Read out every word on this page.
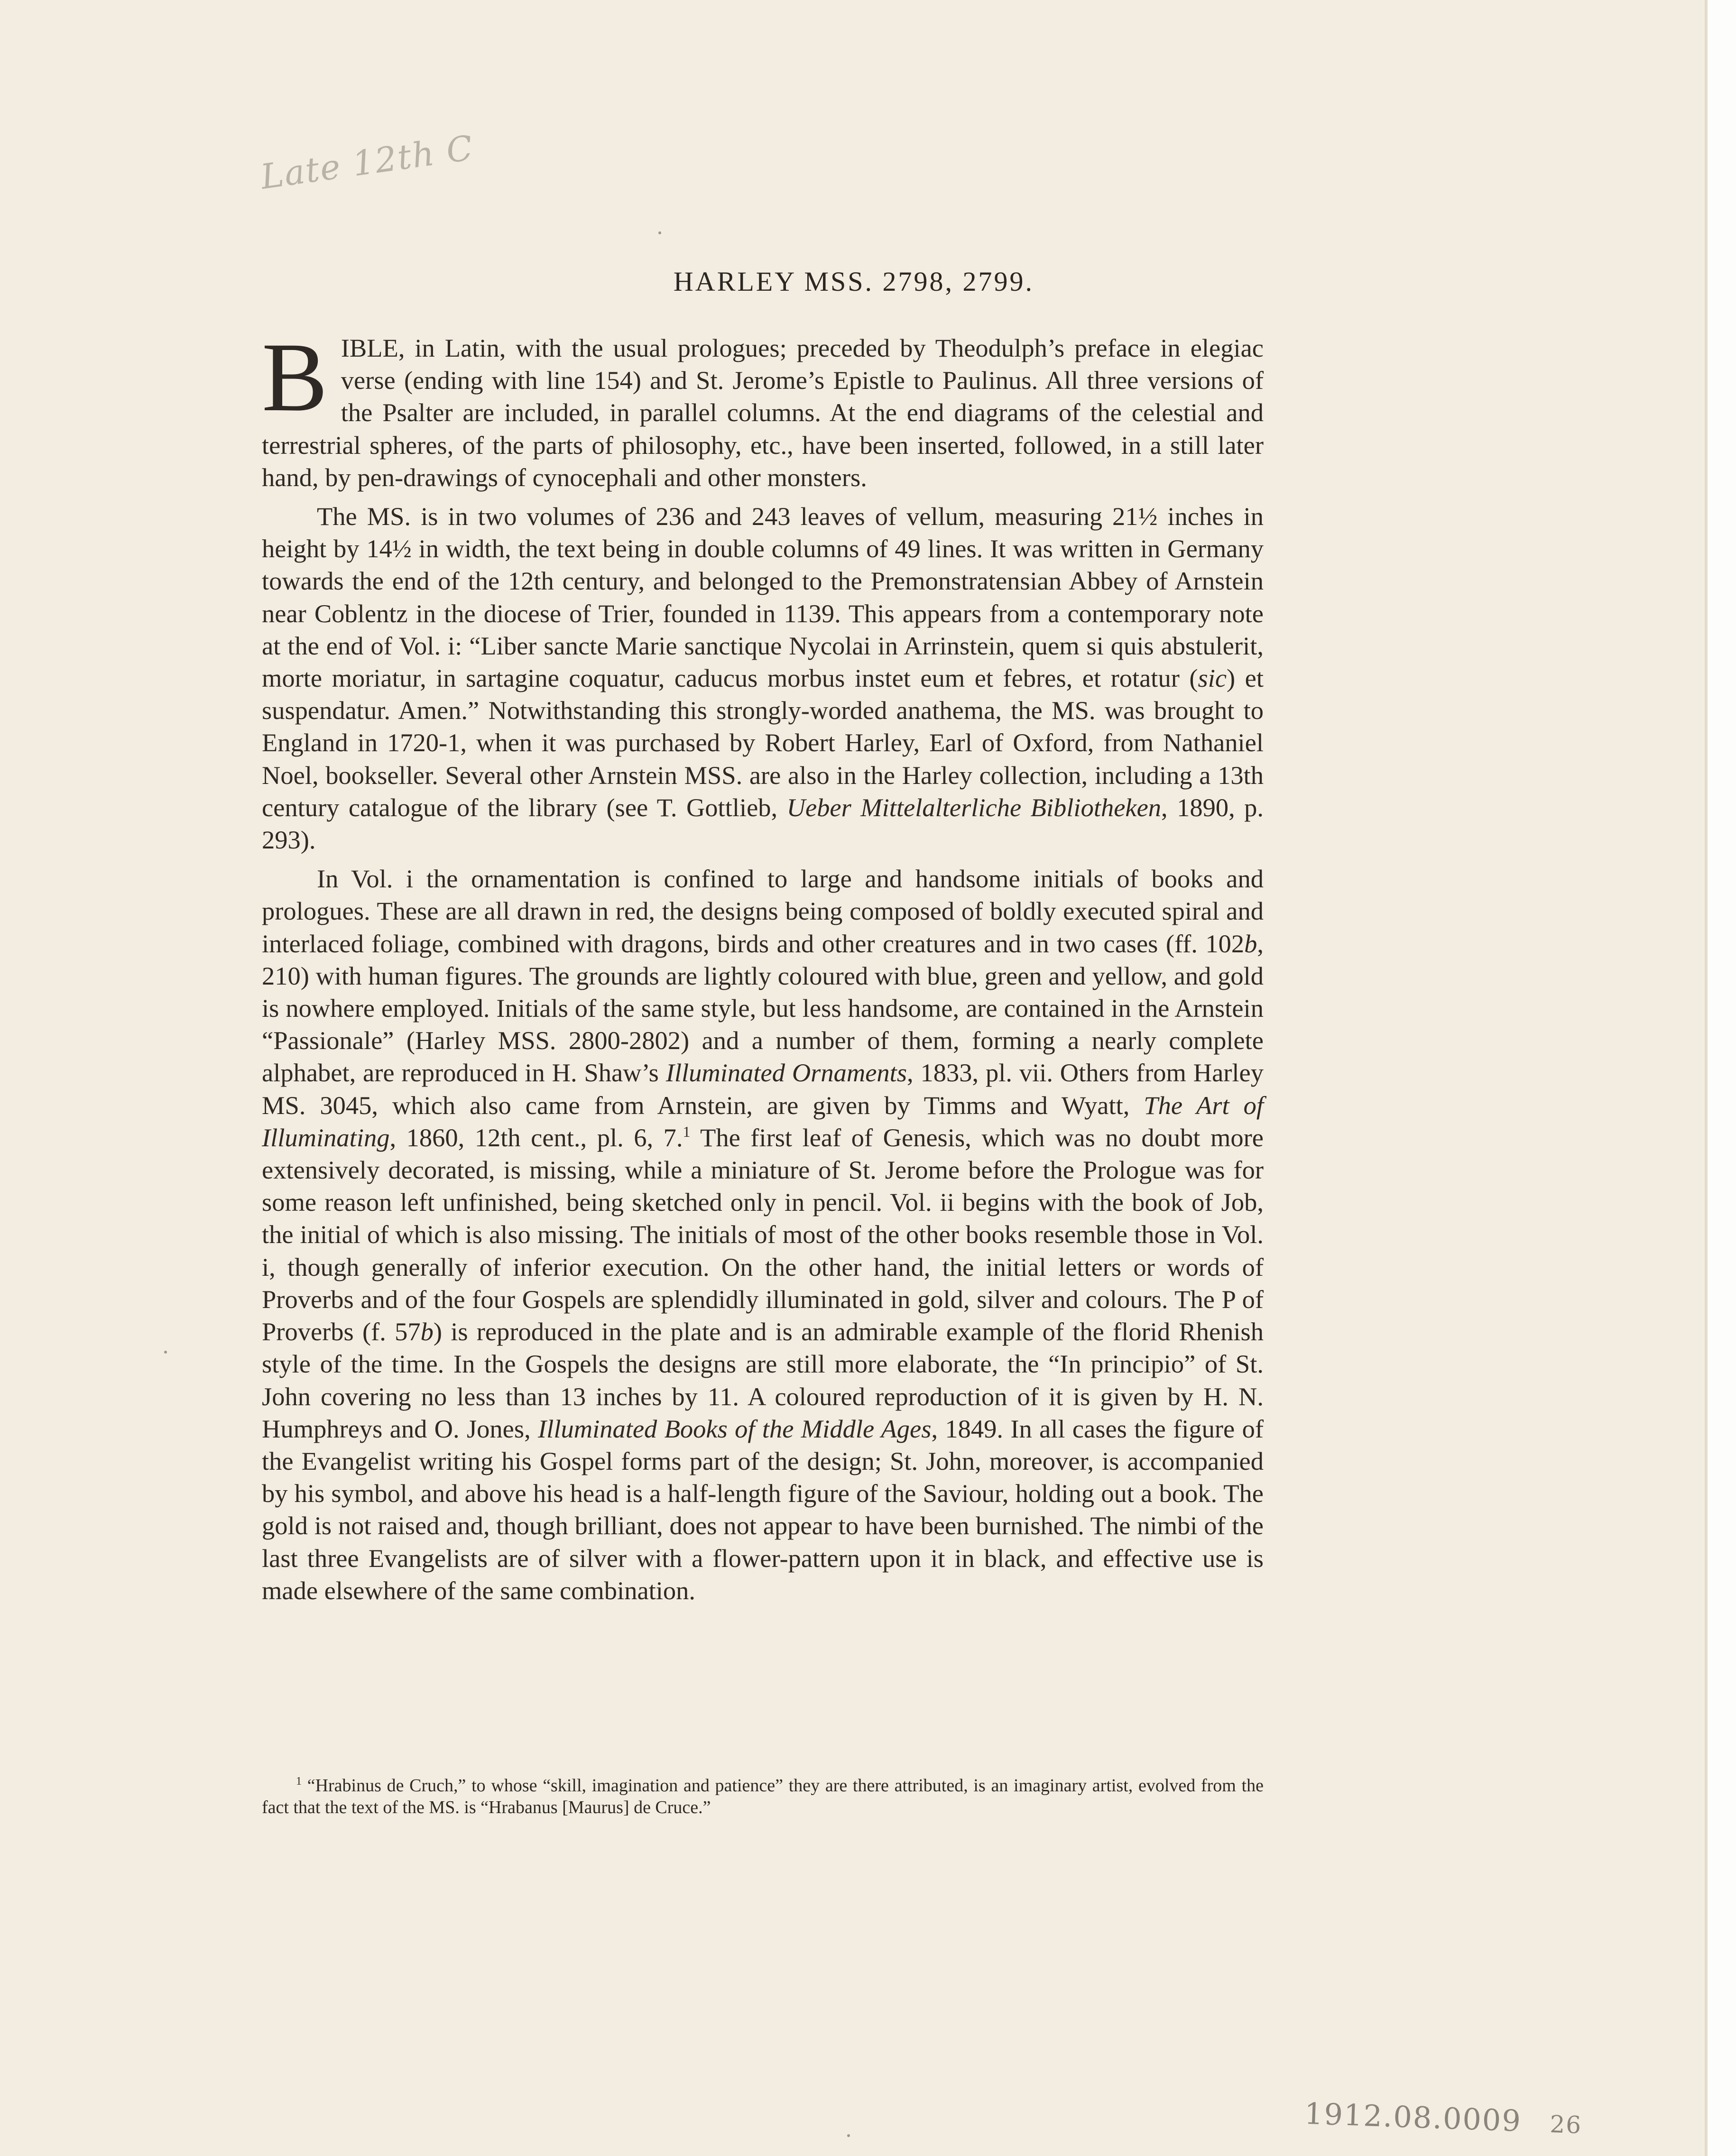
Late 12th C
HARLEY MSS. 2798, 2799.

BIBLE, in Latin, with the usual prologues; preceded by Theodulph’s preface in elegiac verse (ending with line 154) and St. Jerome’s Epistle to Paulinus. All three versions of the Psalter are included, in parallel columns. At the end diagrams of the celestial and terrestrial spheres, of the parts of philosophy, etc., have been inserted, followed, in a still later hand, by pen-drawings of cynocephali and other monsters.

The MS. is in two volumes of 236 and 243 leaves of vellum, measuring 21½ inches in height by 14½ in width, the text being in double columns of 49 lines. It was written in Germany towards the end of the 12th century, and belonged to the Premonstratensian Abbey of Arnstein near Coblentz in the diocese of Trier, founded in 1139. This appears from a contemporary note at the end of Vol. i: “Liber sancte Marie sanctique Nycolai in Arrinstein, quem si quis abstulerit, morte moriatur, in sartagine coquatur, caducus morbus instet eum et febres, et rotatur (sic) et suspendatur. Amen.” Notwithstanding this strongly-worded anathema, the MS. was brought to England in 1720-1, when it was purchased by Robert Harley, Earl of Oxford, from Nathaniel Noel, bookseller. Several other Arnstein MSS. are also in the Harley collection, including a 13th century catalogue of the library (see T. Gottlieb, Ueber Mittelalterliche Bibliotheken, 1890, p. 293).

In Vol. i the ornamentation is confined to large and handsome initials of books and prologues. These are all drawn in red, the designs being composed of boldly executed spiral and interlaced foliage, combined with dragons, birds and other creatures and in two cases (ff. 102b, 210) with human figures. The grounds are lightly coloured with blue, green and yellow, and gold is nowhere employed. Initials of the same style, but less handsome, are contained in the Arnstein “Passionale” (Harley MSS. 2800-2802) and a number of them, forming a nearly complete alphabet, are reproduced in H. Shaw’s Illuminated Ornaments, 1833, pl. vii. Others from Harley MS. 3045, which also came from Arnstein, are given by Timms and Wyatt, The Art of Illuminating, 1860, 12th cent., pl. 6, 7.$^1$ The first leaf of Genesis, which was no doubt more extensively decorated, is missing, while a miniature of St. Jerome before the Prologue was for some reason left unfinished, being sketched only in pencil. Vol. ii begins with the book of Job, the initial of which is also missing. The initials of most of the other books resemble those in Vol. i, though generally of inferior execution. On the other hand, the initial letters or words of Proverbs and of the four Gospels are splendidly illuminated in gold, silver and colours. The P of Proverbs (f. 57b) is reproduced in the plate and is an admirable example of the florid Rhenish style of the time. In the Gospels the designs are still more elaborate, the “In principio” of St. John covering no less than 13 inches by 11. A coloured reproduction of it is given by H. N. Humphreys and O. Jones, Illuminated Books of the Middle Ages, 1849. In all cases the figure of the Evangelist writing his Gospel forms part of the design; St. John, moreover, is accompanied by his symbol, and above his head is a half-length figure of the Saviour, holding out a book. The gold is not raised and, though brilliant, does not appear to have been burnished. The nimbi of the last three Evangelists are of silver with a flower-pattern upon it in black, and effective use is made elsewhere of the same combination.

$^1$ “Hrabinus de Cruch,” to whose “skill, imagination and patience” they are there attributed, is an imaginary artist, evolved from the fact that the text of the MS. is “Hrabanus [Maurus] de Cruce.”
1912.08.0009 26
